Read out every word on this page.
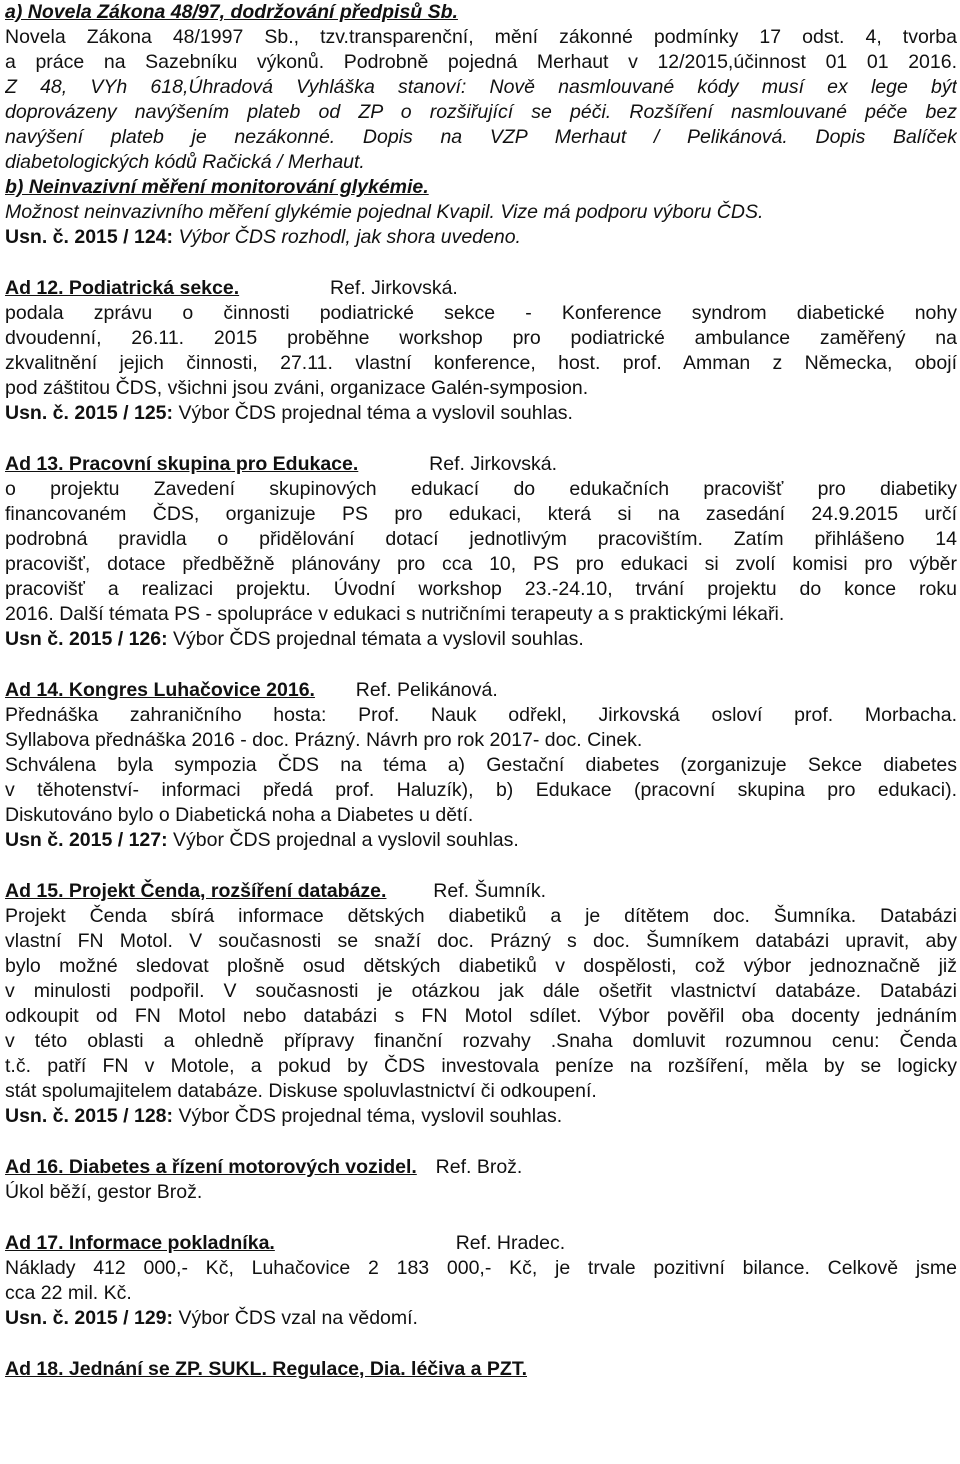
a) Novela Zákona 48/97, dodržování předpisů Sb.
Novela Zákona 48/1997 Sb., tzv.transparenční, mění zákonné podmínky 17 odst. 4, tvorba
a práce na Sazebníku výkonů. Podrobně pojedná Merhaut v 12/2015,účinnost 01 01 2016.
Z 48, VYh 618,Úhradová Vyhláška stanoví: Nově nasmlouvané kódy musí ex lege být
doprovázeny navýšením plateb od ZP o rozšiřující se péči. Rozšíření nasmlouvané péče bez
navýšení plateb je nezákonné. Dopis na VZP Merhaut / Pelikánová. Dopis Balíček
diabetologických kódů Račická / Merhaut.
b) Neinvazivní měření monitorování glykémie.
Možnost neinvazivního měření glykémie pojednal Kvapil. Vize má podporu výboru ČDS.
Usn. č. 2015 / 124: Výbor ČDS rozhodl, jak shora uvedeno.
Ad 12. Podiatrická sekce.	Ref. Jirkovská.
podala zprávu o činnosti podiatrické sekce - Konference syndrom diabetické nohy
dvoudenní, 26.11. 2015 proběhne workshop pro podiatrické ambulance zaměřený na
zkvalitnění jejich činnosti, 27.11. vlastní konference, host. prof. Amman z Německa, obojí
pod záštitou ČDS, všichni jsou zváni, organizace Galén-symposion.
Usn. č. 2015 / 125: Výbor ČDS projednal téma a vyslovil souhlas.
Ad 13. Pracovní skupina pro Edukace.	Ref. Jirkovská.
o projektu Zavedení skupinových edukací do edukačních pracovišť pro diabetiky
financovaném ČDS, organizuje PS pro edukaci, která si na zasedání 24.9.2015 určí
podrobná pravidla o přidělování dotací jednotlivým pracovištím. Zatím přihlášeno 14
pracovišť, dotace předběžně plánovány pro cca 10, PS pro edukaci si zvolí komisi pro výběr
pracovišť a realizaci projektu. Úvodní workshop 23.-24.10, trvání projektu do konce roku
2016. Další témata PS - spolupráce v edukaci s nutričními terapeuty a s praktickými lékaři.
Usn č. 2015 / 126: Výbor ČDS projednal témata a vyslovil souhlas.
Ad 14. Kongres Luhačovice 2016. Ref. Pelikánová.
Přednáška zahraničního hosta: Prof. Nauk odřekl, Jirkovská osloví prof. Morbacha.
Syllabova přednáška 2016 - doc. Prázný. Návrh pro rok 2017- doc. Cinek.
Schválena byla sympozia ČDS na téma a) Gestační diabetes (zorganizuje Sekce diabetes
v těhotenství- informaci předá prof. Haluzík), b) Edukace (pracovní skupina pro edukaci).
Diskutováno bylo o Diabetická noha a Diabetes u dětí.
Usn č. 2015 / 127: Výbor ČDS projednal a vyslovil souhlas.
Ad 15. Projekt Čenda, rozšíření databáze. Ref. Šumník.
Projekt Čenda sbírá informace dětských diabetiků a je dítětem doc. Šumníka. Databázi
vlastní FN Motol. V současnosti se snaží doc. Prázný s doc. Šumníkem databázi upravit, aby
bylo možné sledovat plošně osud dětských diabetiků v dospělosti, což výbor jednoznačně již
v minulosti podpořil. V současnosti je otázkou jak dále ošetřit vlastnictví databáze. Databázi
odkoupit od FN Motol nebo databázi s FN Motol sdílet. Výbor pověřil oba docenty jednáním
v této oblasti a ohledně přípravy finanční rozvahy .Snaha domluvit rozumnou cenu: Čenda
t.č. patří FN v Motole, a pokud by ČDS investovala peníze na rozšíření, měla by se logicky
stát spolumajitelem databáze. Diskuse spoluvlastnictví či odkoupení.
Usn. č. 2015 / 128: Výbor ČDS projednal téma, vyslovil souhlas.
Ad 16. Diabetes a řízení motorových vozidel. Ref. Brož.
Úkol běží, gestor Brož.
Ad 17. Informace pokladníka.	Ref. Hradec.
Náklady 412 000,- Kč, Luhačovice 2 183 000,- Kč, je trvale pozitivní bilance. Celkově jsme
cca 22 mil. Kč.
Usn. č. 2015 / 129: Výbor ČDS vzal na vědomí.
Ad 18. Jednání se ZP. SUKL. Regulace, Dia. léčiva a PZT.
